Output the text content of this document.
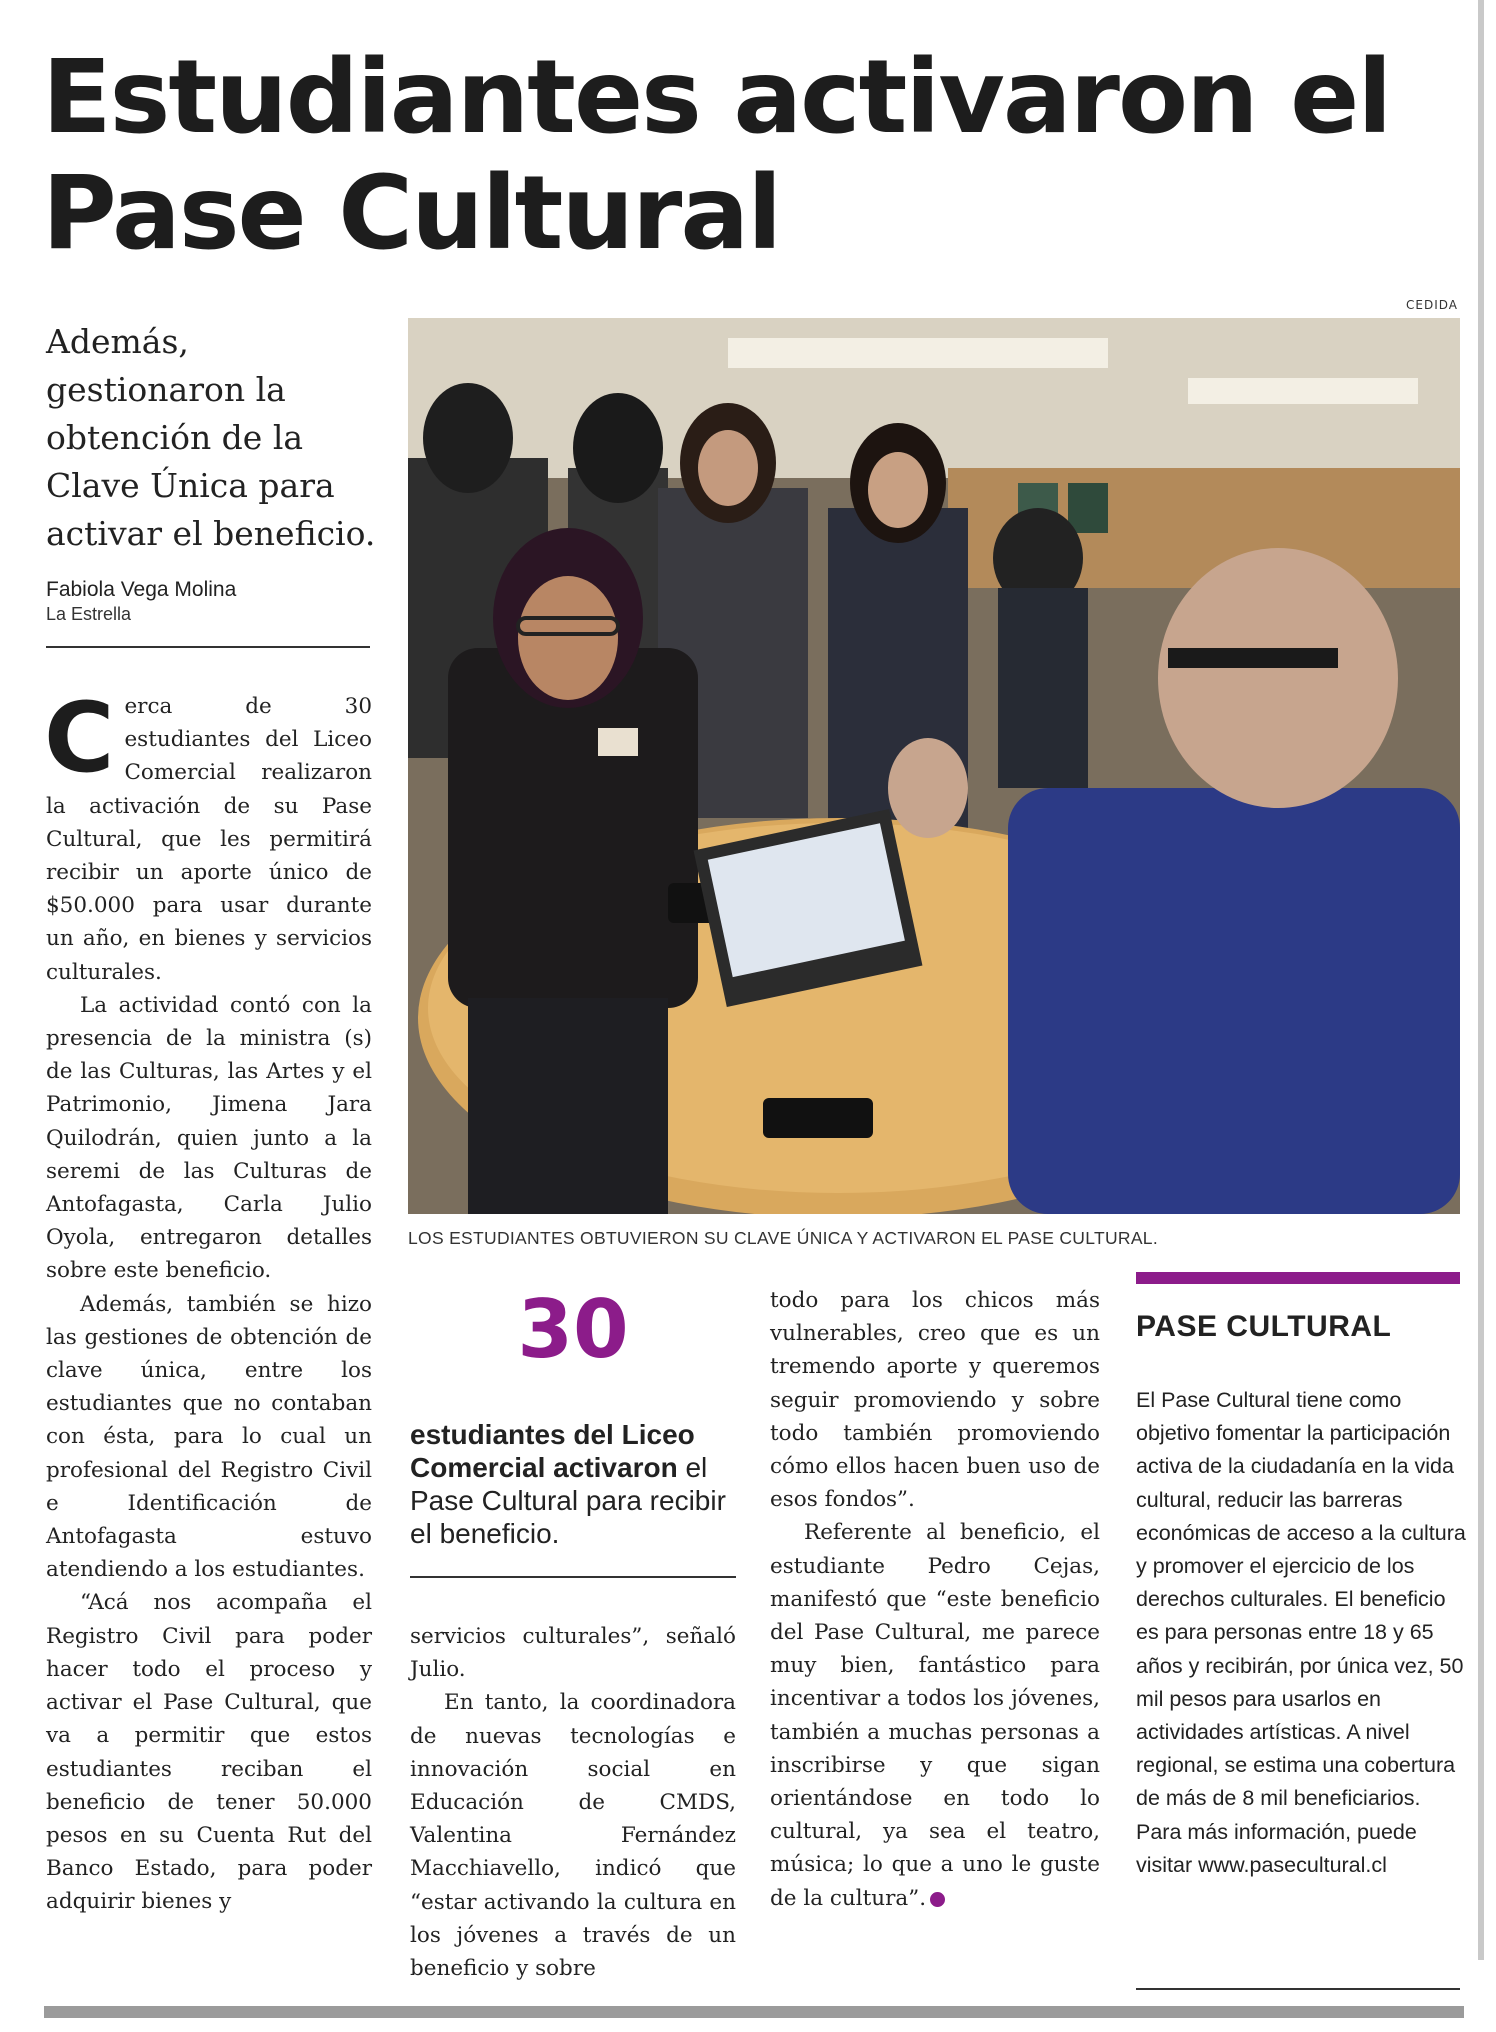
Estudiantes activaron el Pase Cultural
CEDIDA
Además, gestionaron la obtención de la Clave Única para activar el beneficio.
Fabiola Vega Molina
La Estrella

Cerca de 30 estudiantes del Liceo Comercial realizaron la activación de su Pase Cultural, que les permitirá recibir un aporte único de $50.000 para usar durante un año, en bienes y servicios culturales.

La actividad contó con la presencia de la ministra (s) de las Culturas, las Artes y el Patrimonio, Jimena Jara Quilodrán, quien junto a la seremi de las Culturas de Antofagasta, Carla Julio Oyola, entregaron detalles sobre este beneficio.

Además, también se hizo las gestiones de obtención de clave única, entre los estudiantes que no contaban con ésta, para lo cual un profesional del Registro Civil e Identificación de Antofagasta estuvo atendiendo a los estudiantes.

“Acá nos acompaña el Registro Civil para poder hacer todo el proceso y activar el Pase Cultural, que va a permitir que estos estudiantes reciban el beneficio de tener 50.000 pesos en su Cuenta Rut del Banco Estado, para poder adquirir bienes y

LOS ESTUDIANTES OBTUVIERON SU CLAVE ÚNICA Y ACTIVARON EL PASE CULTURAL.
30
estudiantes del Liceo Comercial activaron el Pase Cultural para recibir el beneficio.

servicios culturales”, señaló Julio.

En tanto, la coordinadora de nuevas tecnologías e innovación social en Educación de CMDS, Valentina Fernández Macchiavello, indicó que “estar activando la cultura en los jóvenes a través de un beneficio y sobre

todo para los chicos más vulnerables, creo que es un tremendo aporte y queremos seguir promoviendo y sobre todo también promoviendo cómo ellos hacen buen uso de esos fondos”.

Referente al beneficio, el estudiante Pedro Cejas, manifestó que “este beneficio del Pase Cultural, me parece muy bien, fantástico para incentivar a todos los jóvenes, también a muchas personas a inscribirse y que sigan orientándose en todo lo cultural, ya sea el teatro, música; lo que a uno le guste de la cultura”.	✦

PASE CULTURAL
El Pase Cultural tiene como objetivo fomentar la participación activa de la ciudadanía en la vida cultural, reducir las barreras económicas de acceso a la cultura y promover el ejercicio de los derechos culturales. El beneficio es para personas entre 18 y 65 años y recibirán, por única vez, 50 mil pesos para usarlos en actividades artísticas. A nivel regional, se estima una cobertura de más de 8 mil beneficiarios. Para más información, puede visitar www.pasecultural.cl
